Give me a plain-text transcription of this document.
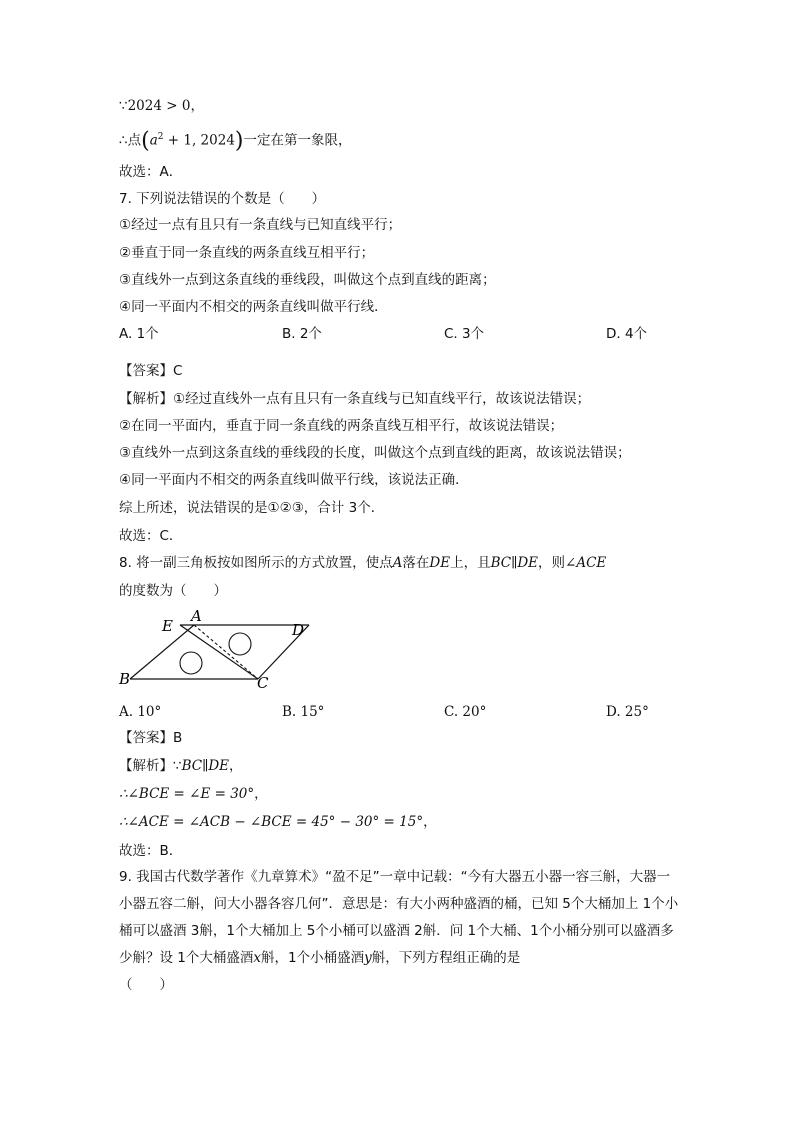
∵2024 > 0，
∴点($a^2 + 1$, 2024)一定在第一象限，
故选：A．
7. 下列说法错误的个数是（　　）
①经过一点有且只有一条直线与已知直线平行；
②垂直于同一条直线的两条直线互相平行；
③直线外一点到这条直线的垂线段，叫做这个点到直线的距离；
④同一平面内不相交的两条直线叫做平行线．
A. 1个	B. 2个	C. 3个	D. 4个
【答案】C
【解析】①经过直线外一点有且只有一条直线与已知直线平行，故该说法错误；
②在同一平面内，垂直于同一条直线的两条直线互相平行，故该说法错误；
③直线外一点到这条直线的垂线段的长度，叫做这个点到直线的距离，故该说法错误；
④同一平面内不相交的两条直线叫做平行线，该说法正确．
综上所述，说法错误的是①②③，合计 3个．
故选：C．
8. 将一副三角板按如图所示的方式放置，使点A落在DE上，且BC∥DE，则∠ACE
的度数为（　　）
E
A
D
B	C
A. 10°	B. 15°	C. 20°	D. 25°
【答案】B
【解析】∵BC∥DE，
∴∠BCE = ∠E = 30°，
∴∠ACE = ∠ACB − ∠BCE = 45° − 30° = 15°，
故选：B．
9. 我国古代数学著作《九章算术》“盈不足”一章中记载：“今有大器五小器一容三斛，大器一小器五容二斛，问大小器各容几何”．意思是：有大小两种盛酒的桶，已知 5个大桶加上 1个小桶可以盛酒 3斛，1个大桶加上 5个小桶可以盛酒 2斛．问 1个大桶、1个小桶分别可以盛酒多少斛？设 1个大桶盛酒x斛，1个小桶盛酒y斛，下列方程组正确的是
（　　）
